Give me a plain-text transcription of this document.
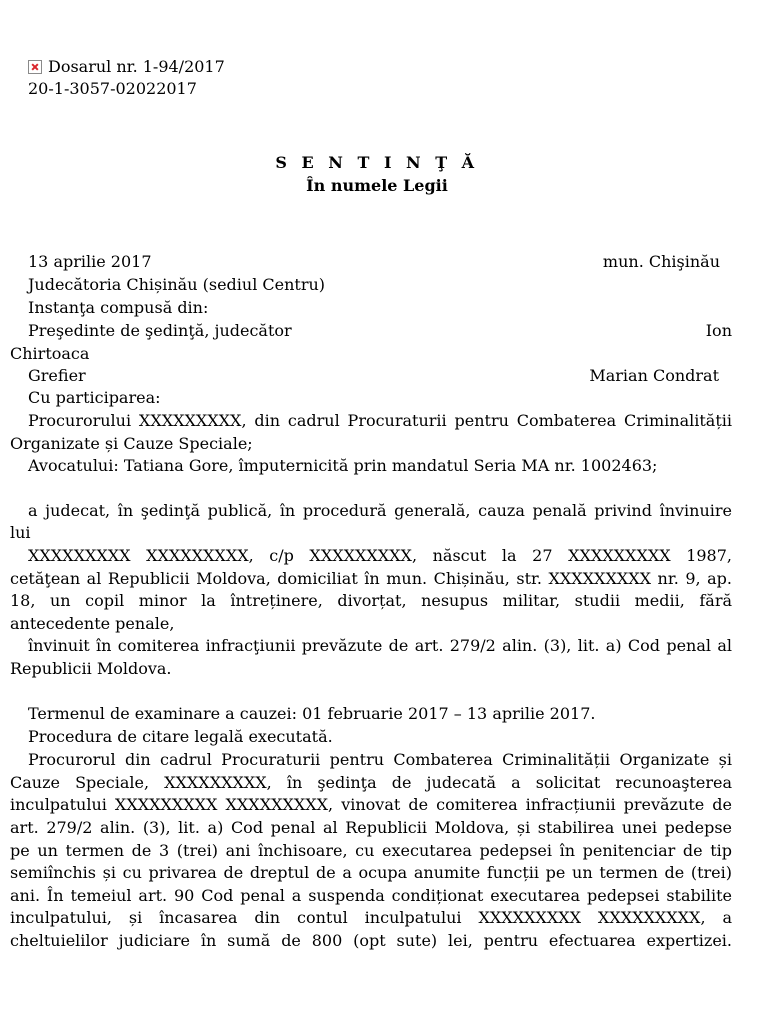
Dosarul nr. 1-94/2017
20-1-3057-02022017
S E N T I N Ţ Ă
În numele Legii
13 aprilie 2017	mun. Chişinău
Judecătoria Chișinău (sediul Centru)
Instanţa compusă din:
Preşedinte de şedinţă, judecător	Ion
Chirtoaca
Grefier	Marian Condrat
Cu participarea:
Procurorului XXXXXXXXX, din cadrul Procuraturii pentru Combaterea Criminalității
Organizate și Cauze Speciale;
Avocatului: Tatiana Gore, împuternicită prin mandatul Seria MA nr. 1002463;
a judecat, în şedinţă publică, în procedură generală, cauza penală privind învinuire
lui
XXXXXXXXX XXXXXXXXX, c/p XXXXXXXXX, născut la 27 XXXXXXXXX 1987,
cetăţean al Republicii Moldova, domiciliat în mun. Chișinău, str. XXXXXXXXX nr. 9, ap.
18, un copil minor la întreținere, divorțat, nesupus militar, studii medii, fără
antecedente penale,
învinuit în comiterea infracţiunii prevăzute de art. 279/2 alin. (3), lit. a) Cod penal al
Republicii Moldova.
Termenul de examinare a cauzei: 01 februarie 2017 – 13 aprilie 2017.
Procedura de citare legală executată.
Procurorul din cadrul Procuraturii pentru Combaterea Criminalității Organizate și
Cauze Speciale, XXXXXXXXX, în şedinţa de judecată a solicitat recunoaşterea
inculpatului XXXXXXXXX XXXXXXXXX, vinovat de comiterea infracțiunii prevăzute de
art. 279/2 alin. (3), lit. a) Cod penal al Republicii Moldova, și stabilirea unei pedepse
pe un termen de 3 (trei) ani închisoare, cu executarea pedepsei în penitenciar de tip
semiînchis și cu privarea de dreptul de a ocupa anumite funcții pe un termen de (trei)
ani. În temeiul art. 90 Cod penal a suspenda condiționat executarea pedepsei stabilite
inculpatului, și încasarea din contul inculpatului XXXXXXXXX XXXXXXXXX, a
cheltuielilor judiciare în sumă de 800 (opt sute) lei, pentru efectuarea expertizei.
